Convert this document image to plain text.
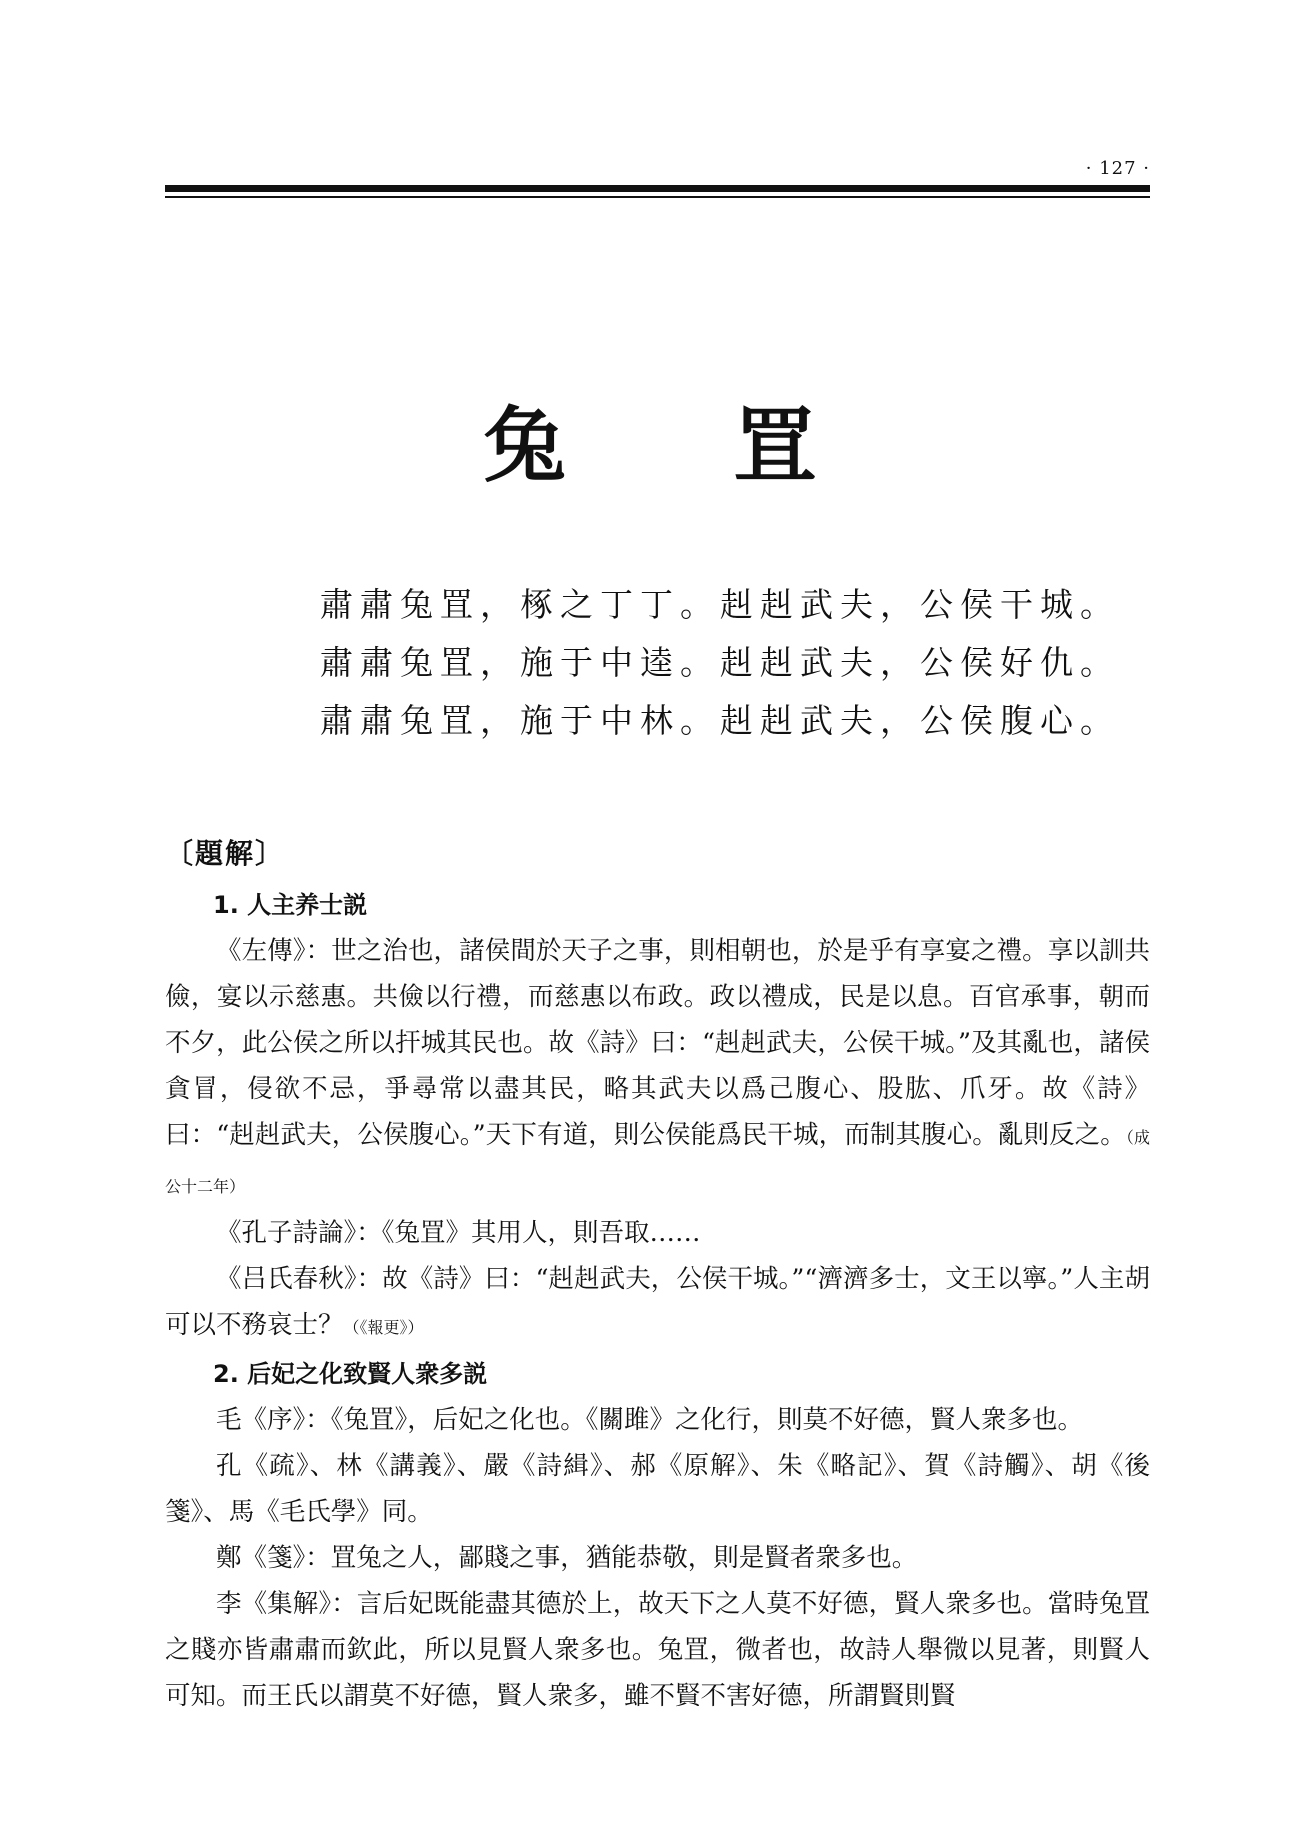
· 127 ·
兔 罝
肅肅兔罝，椓之丁丁。赳赳武夫，公侯干城。
肅肅兔罝，施于中逵。赳赳武夫，公侯好仇。
肅肅兔罝，施于中林。赳赳武夫，公侯腹心。
〔題解〕

1. 人主养士説

《左傳》：世之治也，諸侯間於天子之事，則相朝也，於是乎有享宴之禮。享以訓共儉，宴以示慈惠。共儉以行禮，而慈惠以布政。政以禮成，民是以息。百官承事，朝而不夕，此公侯之所以扞城其民也。故《詩》曰：“赳赳武夫，公侯干城。”及其亂也，諸侯貪冒，侵欲不忌，爭尋常以盡其民，略其武夫以爲己腹心、股肱、爪牙。故《詩》曰：“赳赳武夫，公侯腹心。”天下有道，則公侯能爲民干城，而制其腹心。亂則反之。（成公十二年）

《孔子詩論》：《兔罝》其用人，則吾取……

《吕氏春秋》：故《詩》曰：“赳赳武夫，公侯干城。”“濟濟多士，文王以寧。”人主胡可以不務哀士？（《報更》）

2. 后妃之化致賢人衆多説

毛《序》：《兔罝》，后妃之化也。《關雎》之化行，則莫不好德，賢人衆多也。

孔《疏》、林《講義》、嚴《詩緝》、郝《原解》、朱《略記》、賀《詩觸》、胡《後箋》、馬《毛氏學》同。

鄭《箋》：罝兔之人，鄙賤之事，猶能恭敬，則是賢者衆多也。

李《集解》：言后妃既能盡其德於上，故天下之人莫不好德，賢人衆多也。當時兔罝之賤亦皆肅肅而欽此，所以見賢人衆多也。兔罝，微者也，故詩人舉微以見著，則賢人可知。而王氏以謂莫不好德，賢人衆多，雖不賢不害好德，所謂賢則賢
